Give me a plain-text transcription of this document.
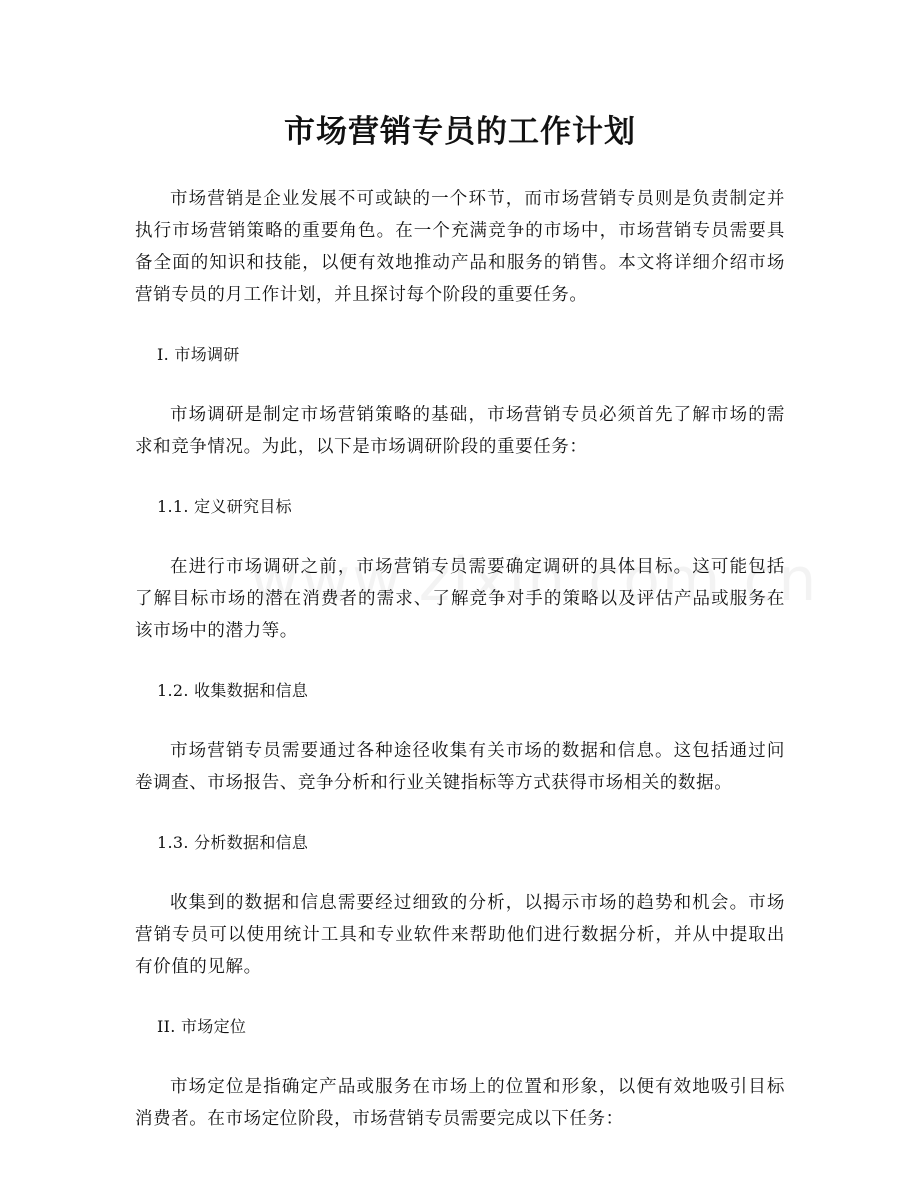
市场营销专员的工作计划

市场营销是企业发展不可或缺的一个环节，而市场营销专员则是负责制定并执行市场营销策略的重要角色。在一个充满竞争的市场中，市场营销专员需要具备全面的知识和技能，以便有效地推动产品和服务的销售。本文将详细介绍市场营销专员的月工作计划，并且探讨每个阶段的重要任务。

I. 市场调研

市场调研是制定市场营销策略的基础，市场营销专员必须首先了解市场的需求和竞争情况。为此，以下是市场调研阶段的重要任务：

1.1. 定义研究目标

在进行市场调研之前，市场营销专员需要确定调研的具体目标。这可能包括了解目标市场的潜在消费者的需求、了解竞争对手的策略以及评估产品或服务在该市场中的潜力等。

1.2. 收集数据和信息

市场营销专员需要通过各种途径收集有关市场的数据和信息。这包括通过问卷调查、市场报告、竞争分析和行业关键指标等方式获得市场相关的数据。

1.3. 分析数据和信息

收集到的数据和信息需要经过细致的分析，以揭示市场的趋势和机会。市场营销专员可以使用统计工具和专业软件来帮助他们进行数据分析，并从中提取出有价值的见解。

II. 市场定位

市场定位是指确定产品或服务在市场上的位置和形象，以便有效地吸引目标消费者。在市场定位阶段，市场营销专员需要完成以下任务：
